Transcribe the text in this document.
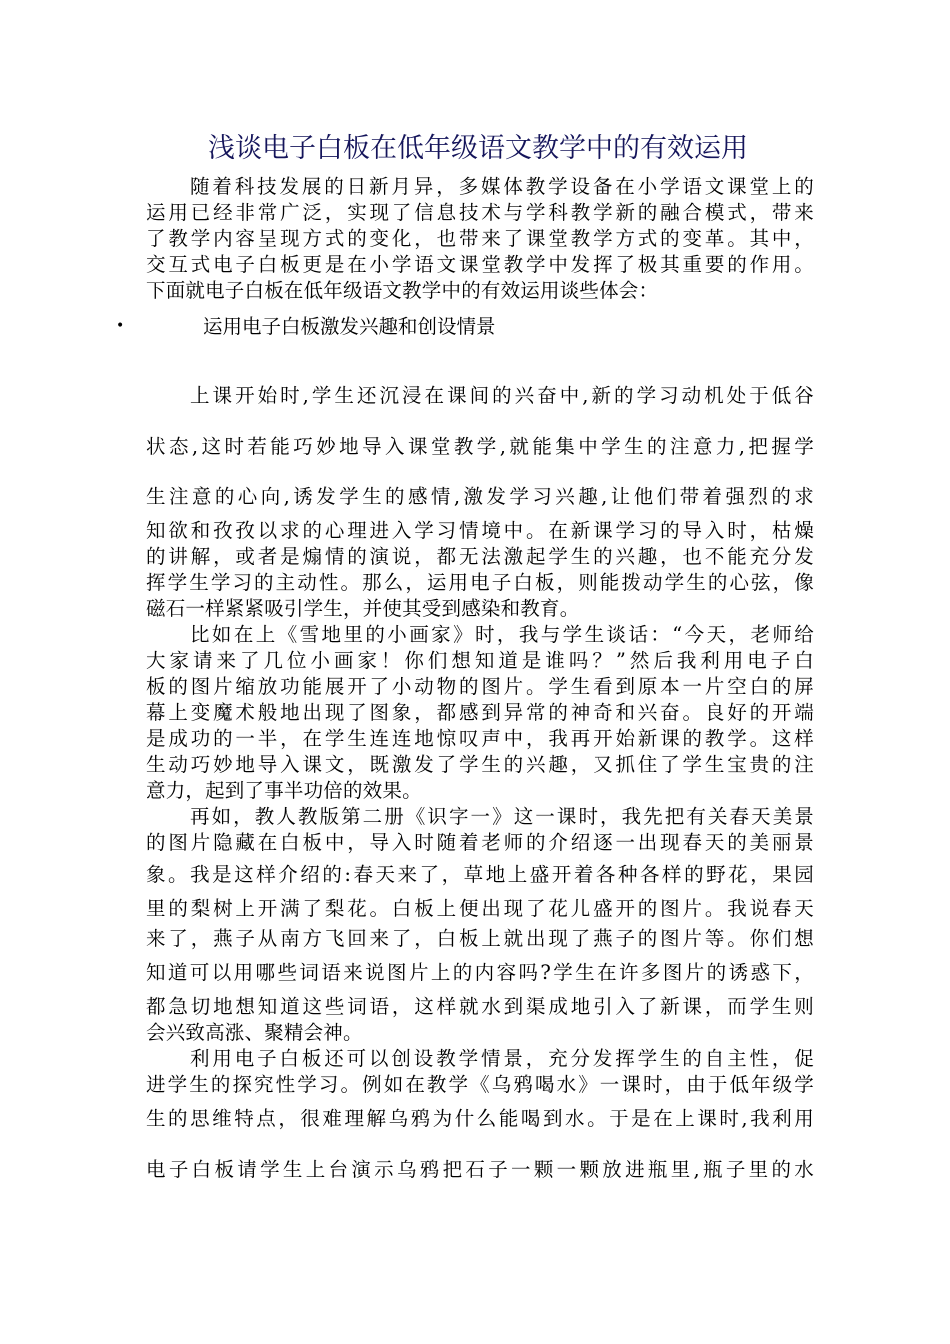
浅谈电子白板在低年级语文教学中的有效运用
随着科技发展的日新月异，多媒体教学设备在小学语文课堂上的
运用已经非常广泛，实现了信息技术与学科教学新的融合模式，带来
了教学内容呈现方式的变化，也带来了课堂教学方式的变革。其中，
交互式电子白板更是在小学语文课堂教学中发挥了极其重要的作用。
下面就电子白板在低年级语文教学中的有效运用谈些体会：
•	运用电子白板激发兴趣和创设情景
上课开始时,学生还沉浸在课间的兴奋中,新的学习动机处于低谷
状态,这时若能巧妙地导入课堂教学,就能集中学生的注意力,把握学
生注意的心向,诱发学生的感情,激发学习兴趣,让他们带着强烈的求
知欲和孜孜以求的心理进入学习情境中。在新课学习的导入时，枯燥
的讲解，或者是煽情的演说，都无法激起学生的兴趣，也不能充分发
挥学生学习的主动性。那么，运用电子白板，则能拨动学生的心弦，像
磁石一样紧紧吸引学生，并使其受到感染和教育。
比如在上《雪地里的小画家》时，我与学生谈话：“今天，老师给
大家请来了几位小画家！你们想知道是谁吗？”然后我利用电子白
板的图片缩放功能展开了小动物的图片。学生看到原本一片空白的屏
幕上变魔术般地出现了图象，都感到异常的神奇和兴奋。良好的开端
是成功的一半，在学生连连地惊叹声中，我再开始新课的教学。这样
生动巧妙地导入课文，既激发了学生的兴趣，又抓住了学生宝贵的注
意力，起到了事半功倍的效果。
再如，教人教版第二册《识字一》这一课时，我先把有关春天美景
的图片隐藏在白板中，导入时随着老师的介绍逐一出现春天的美丽景
象。我是这样介绍的:春天来了，草地上盛开着各种各样的野花，果园
里的梨树上开满了梨花。白板上便出现了花儿盛开的图片。我说春天
来了，燕子从南方飞回来了，白板上就出现了燕子的图片等。你们想
知道可以用哪些词语来说图片上的内容吗?学生在许多图片的诱惑下，
都急切地想知道这些词语，这样就水到渠成地引入了新课，而学生则
会兴致高涨、聚精会神。
利用电子白板还可以创设教学情景，充分发挥学生的自主性，促
进学生的探究性学习。例如在教学《乌鸦喝水》一课时，由于低年级学
生的思维特点，很难理解乌鸦为什么能喝到水。于是在上课时,我利用
电子白板请学生上台演示乌鸦把石子一颗一颗放进瓶里,瓶子里的水
